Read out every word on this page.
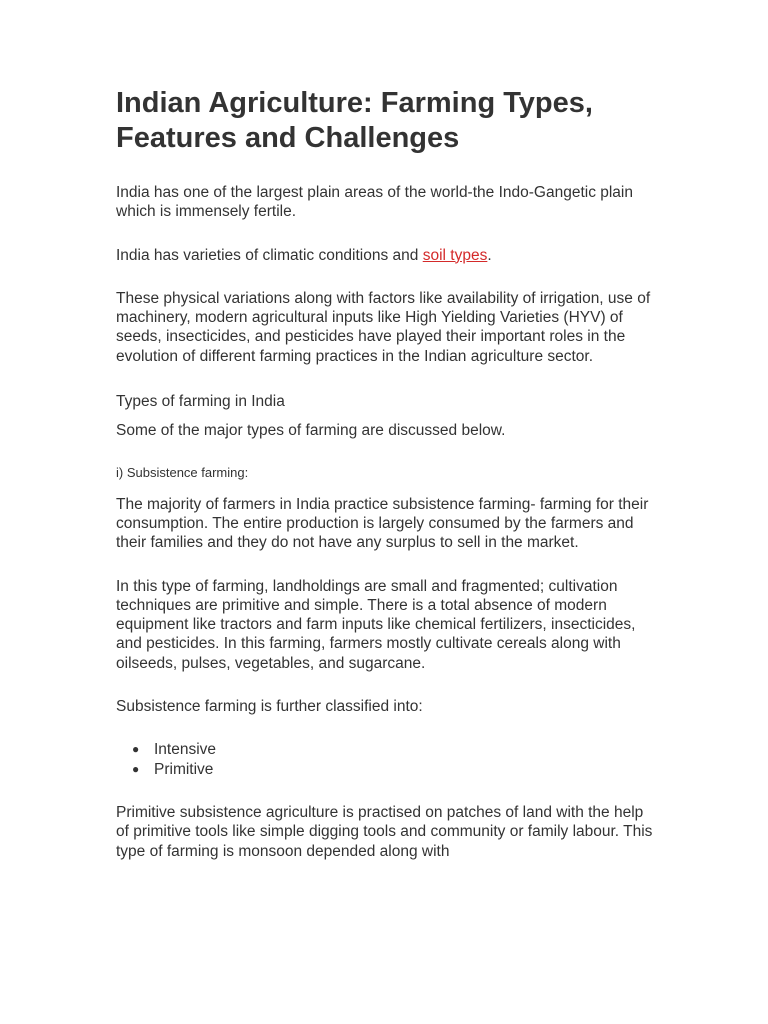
Indian Agriculture: Farming Types, Features and Challenges

India has one of the largest plain areas of the world-the Indo-Gangetic plain which is immensely fertile.

India has varieties of climatic conditions and soil types.

These physical variations along with factors like availability of irrigation, use of machinery, modern agricultural inputs like High Yielding Varieties (HYV) of seeds, insecticides, and pesticides have played their important roles in the evolution of different farming practices in the Indian agriculture sector.

Types of farming in India

Some of the major types of farming are discussed below.

i) Subsistence farming:

The majority of farmers in India practice subsistence farming- farming for their consumption. The entire production is largely consumed by the farmers and their families and they do not have any surplus to sell in the market.

In this type of farming, landholdings are small and fragmented; cultivation techniques are primitive and simple. There is a total absence of modern equipment like tractors and farm inputs like chemical fertilizers, insecticides, and pesticides. In this farming, farmers mostly cultivate cereals along with oilseeds, pulses, vegetables, and sugarcane.

Subsistence farming is further classified into:

● Intensive
● Primitive

Primitive subsistence agriculture is practised on patches of land with the help of primitive tools like simple digging tools and community or family labour. This type of farming is monsoon depended along with
